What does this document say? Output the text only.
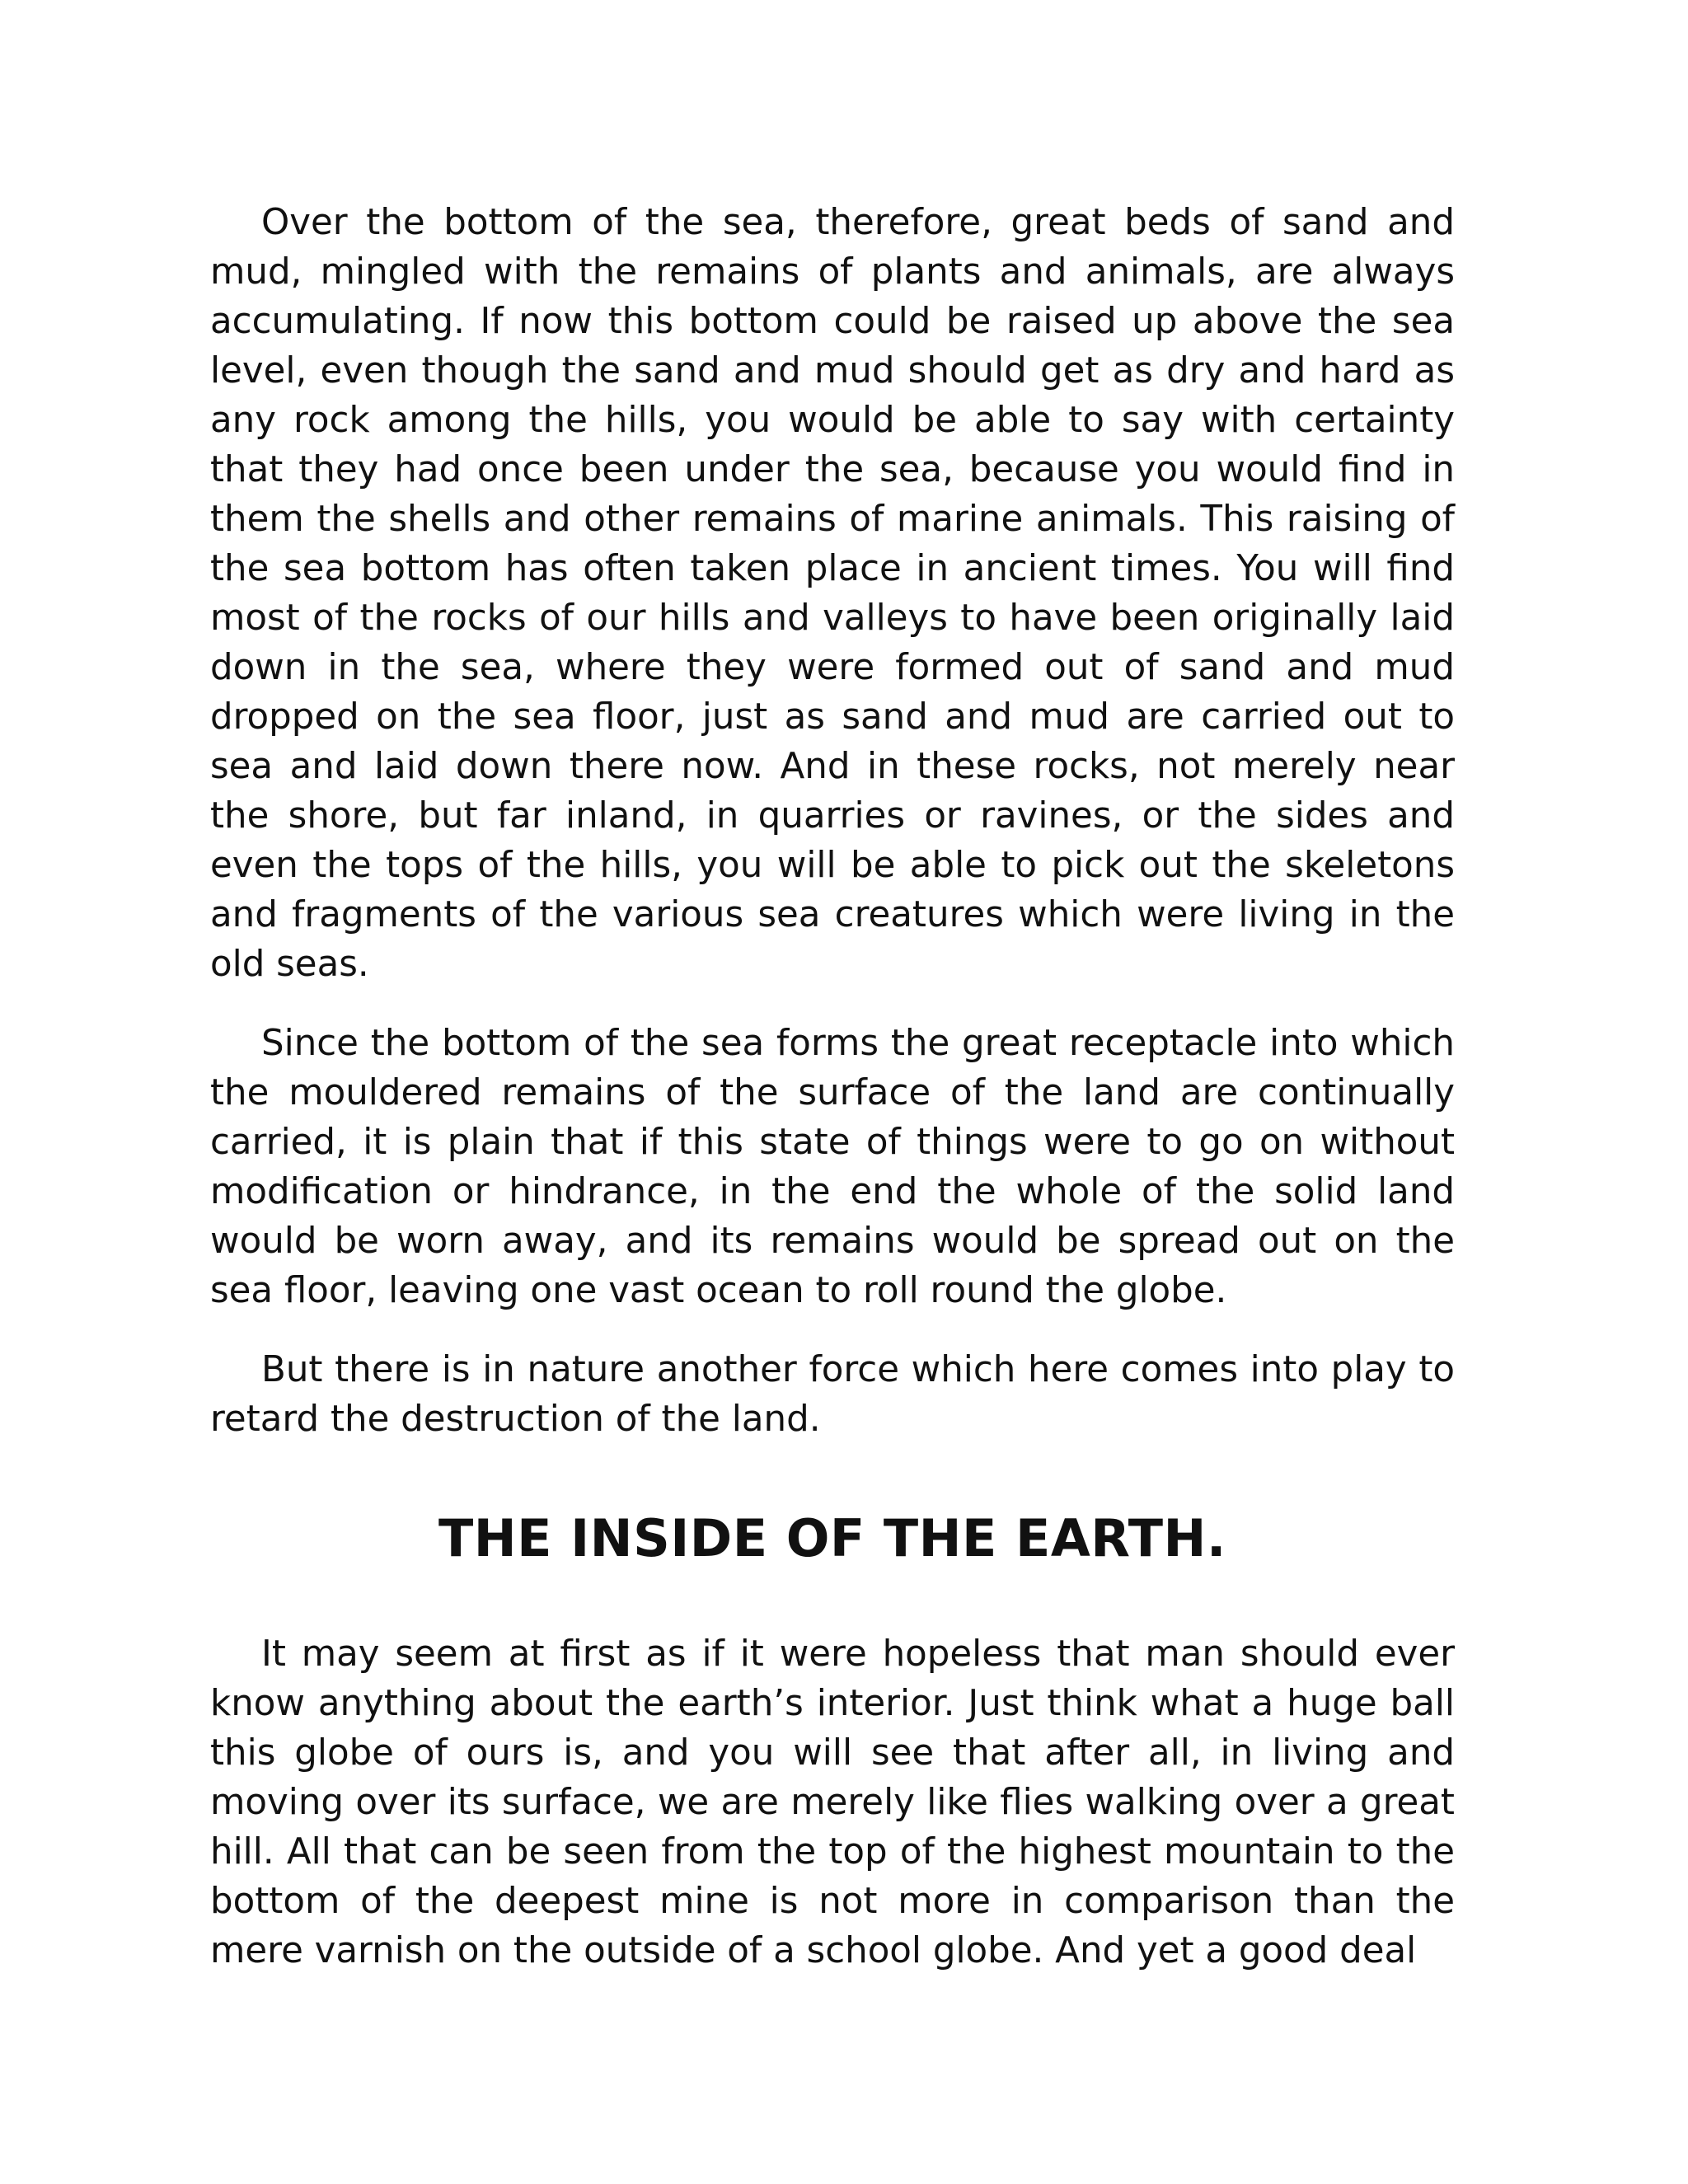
Over the bottom of the sea, therefore, great beds of sand and mud, mingled with the remains of plants and animals, are always accumulating. If now this bottom could be raised up above the sea level, even though the sand and mud should get as dry and hard as any rock among the hills, you would be able to say with certainty that they had once been under the sea, because you would find in them the shells and other remains of marine animals. This raising of the sea bottom has often taken place in ancient times. You will find most of the rocks of our hills and valleys to have been originally laid down in the sea, where they were formed out of sand and mud dropped on the sea floor, just as sand and mud are carried out to sea and laid down there now. And in these rocks, not merely near the shore, but far inland, in quarries or ravines, or the sides and even the tops of the hills, you will be able to pick out the skeletons and fragments of the various sea creatures which were living in the old seas.

Since the bottom of the sea forms the great receptacle into which the mouldered remains of the surface of the land are continually carried, it is plain that if this state of things were to go on without modification or hindrance, in the end the whole of the solid land would be worn away, and its remains would be spread out on the sea floor, leaving one vast ocean to roll round the globe.

But there is in nature another force which here comes into play to retard the destruction of the land.

THE INSIDE OF THE EARTH.

It may seem at first as if it were hopeless that man should ever know anything about the earth’s interior. Just think what a huge ball this globe of ours is, and you will see that after all, in living and moving over its surface, we are merely like flies walking over a great hill. All that can be seen from the top of the highest mountain to the bottom of the deepest mine is not more in comparison than the mere varnish on the outside of a school globe. And yet a good deal
